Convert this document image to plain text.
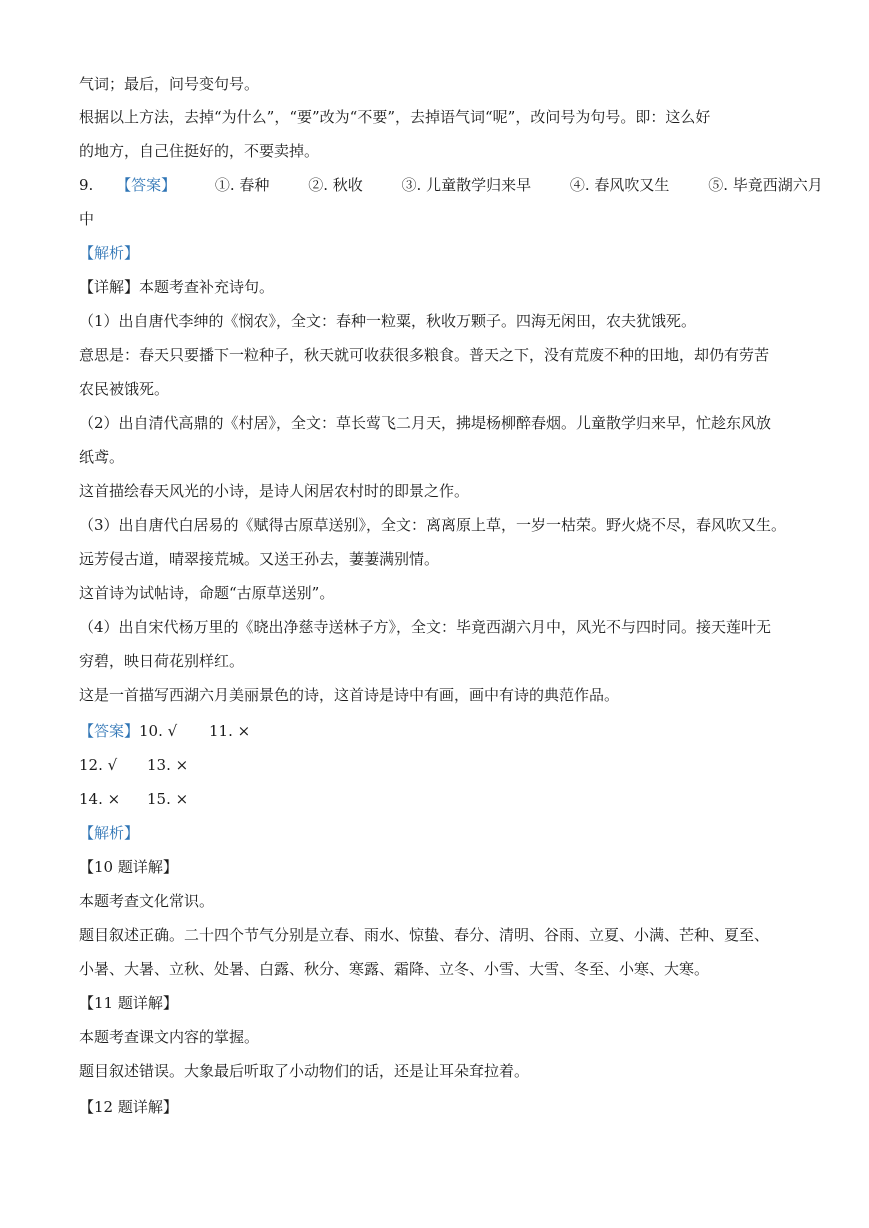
气词；最后，问号变句号。
根据以上方法，去掉“为什么”，“要”改为“不要”，去掉语气词“呢”，改问号为句号。即：这么好
的地方，自己住挺好的，不要卖掉。
9. 【答案】	①. 春种	②. 秋收	③. 儿童散学归来早	④. 春风吹又生	⑤. 毕竟西湖六月
中
【解析】
【详解】本题考查补充诗句。
（1）出自唐代李绅的《悯农》，全文：春种一粒粟，秋收万颗子。四海无闲田，农夫犹饿死。
意思是：春天只要播下一粒种子，秋天就可收获很多粮食。普天之下，没有荒废不种的田地，却仍有劳苦
农民被饿死。
（2）出自清代高鼎的《村居》，全文：草长莺飞二月天，拂堤杨柳醉春烟。儿童散学归来早，忙趁东风放
纸鸢。
这首描绘春天风光的小诗，是诗人闲居农村时的即景之作。
（3）出自唐代白居易的《赋得古原草送别》，全文：离离原上草，一岁一枯荣。野火烧不尽，春风吹又生。
远芳侵古道，晴翠接荒城。又送王孙去，萋萋满别情。
这首诗为试帖诗，命题“古原草送别”。
（4）出自宋代杨万里的《晓出净慈寺送林子方》，全文：毕竟西湖六月中，风光不与四时同。接天莲叶无
穷碧，映日荷花别样红。
这是一首描写西湖六月美丽景色的诗，这首诗是诗中有画，画中有诗的典范作品。
【答案】10. √ 11. ×
12. √ 13. ×
14. × 15. ×
【解析】
【10 题详解】
本题考查文化常识。
题目叙述正确。二十四个节气分别是立春、雨水、惊蛰、春分、清明、谷雨、立夏、小满、芒种、夏至、
小暑、大暑、立秋、处暑、白露、秋分、寒露、霜降、立冬、小雪、大雪、冬至、小寒、大寒。
【11 题详解】
本题考查课文内容的掌握。
题目叙述错误。大象最后听取了小动物们的话，还是让耳朵耷拉着。
【12 题详解】
